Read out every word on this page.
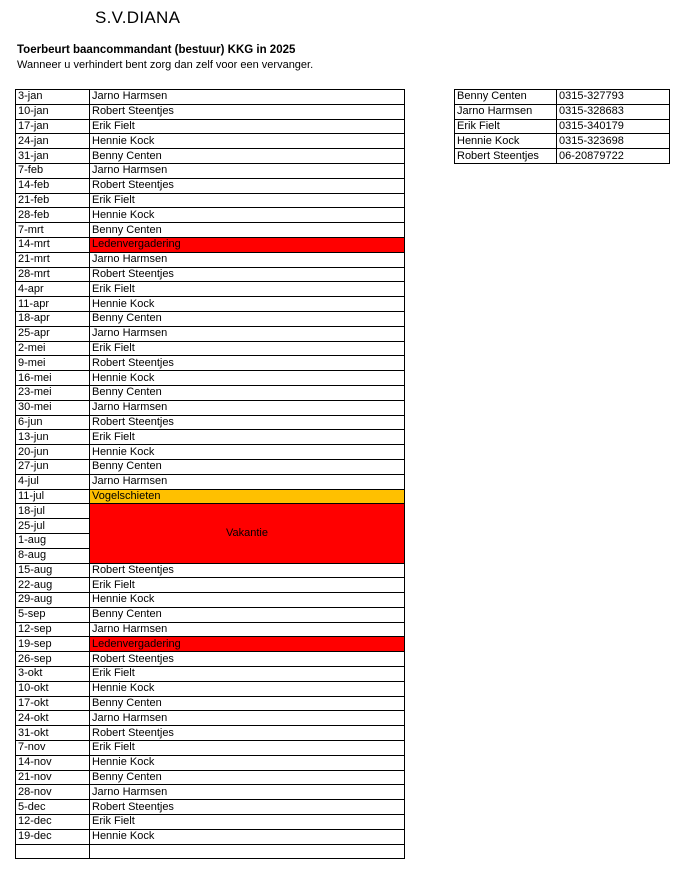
S.V.DIANA
Toerbeurt baancommandant (bestuur) KKG in 2025
Wanneer u verhindert bent zorg dan zelf voor een vervanger.
3-jan	Jarno Harmsen
10-jan	Robert Steentjes
17-jan	Erik Fielt
24-jan	Hennie Kock
31-jan	Benny Centen
7-feb	Jarno Harmsen
14-feb	Robert Steentjes
21-feb	Erik Fielt
28-feb	Hennie Kock
7-mrt	Benny Centen
14-mrt	Ledenvergadering
21-mrt	Jarno Harmsen
28-mrt	Robert Steentjes
4-apr	Erik Fielt
11-apr	Hennie Kock
18-apr	Benny Centen
25-apr	Jarno Harmsen
2-mei	Erik Fielt
9-mei	Robert Steentjes
16-mei	Hennie Kock
23-mei	Benny Centen
30-mei	Jarno Harmsen
6-jun	Robert Steentjes
13-jun	Erik Fielt
20-jun	Hennie Kock
27-jun	Benny Centen
4-jul	Jarno Harmsen
11-jul	Vogelschieten
18-jul	Vakantie
25-jul	
1-aug	
8-aug	
15-aug	Robert Steentjes
22-aug	Erik Fielt
29-aug	Hennie Kock
5-sep	Benny Centen
12-sep	Jarno Harmsen
19-sep	Ledenvergadering
26-sep	Robert Steentjes
3-okt	Erik Fielt
10-okt	Hennie Kock
17-okt	Benny Centen
24-okt	Jarno Harmsen
31-okt	Robert Steentjes
7-nov	Erik Fielt
14-nov	Hennie Kock
21-nov	Benny Centen
28-nov	Jarno Harmsen
5-dec	Robert Steentjes
12-dec	Erik Fielt
19-dec	Hennie Kock

Benny Centen	0315-327793
Jarno Harmsen	0315-328683
Erik Fielt	0315-340179
Hennie Kock	0315-323698
Robert Steentjes	06-20879722
